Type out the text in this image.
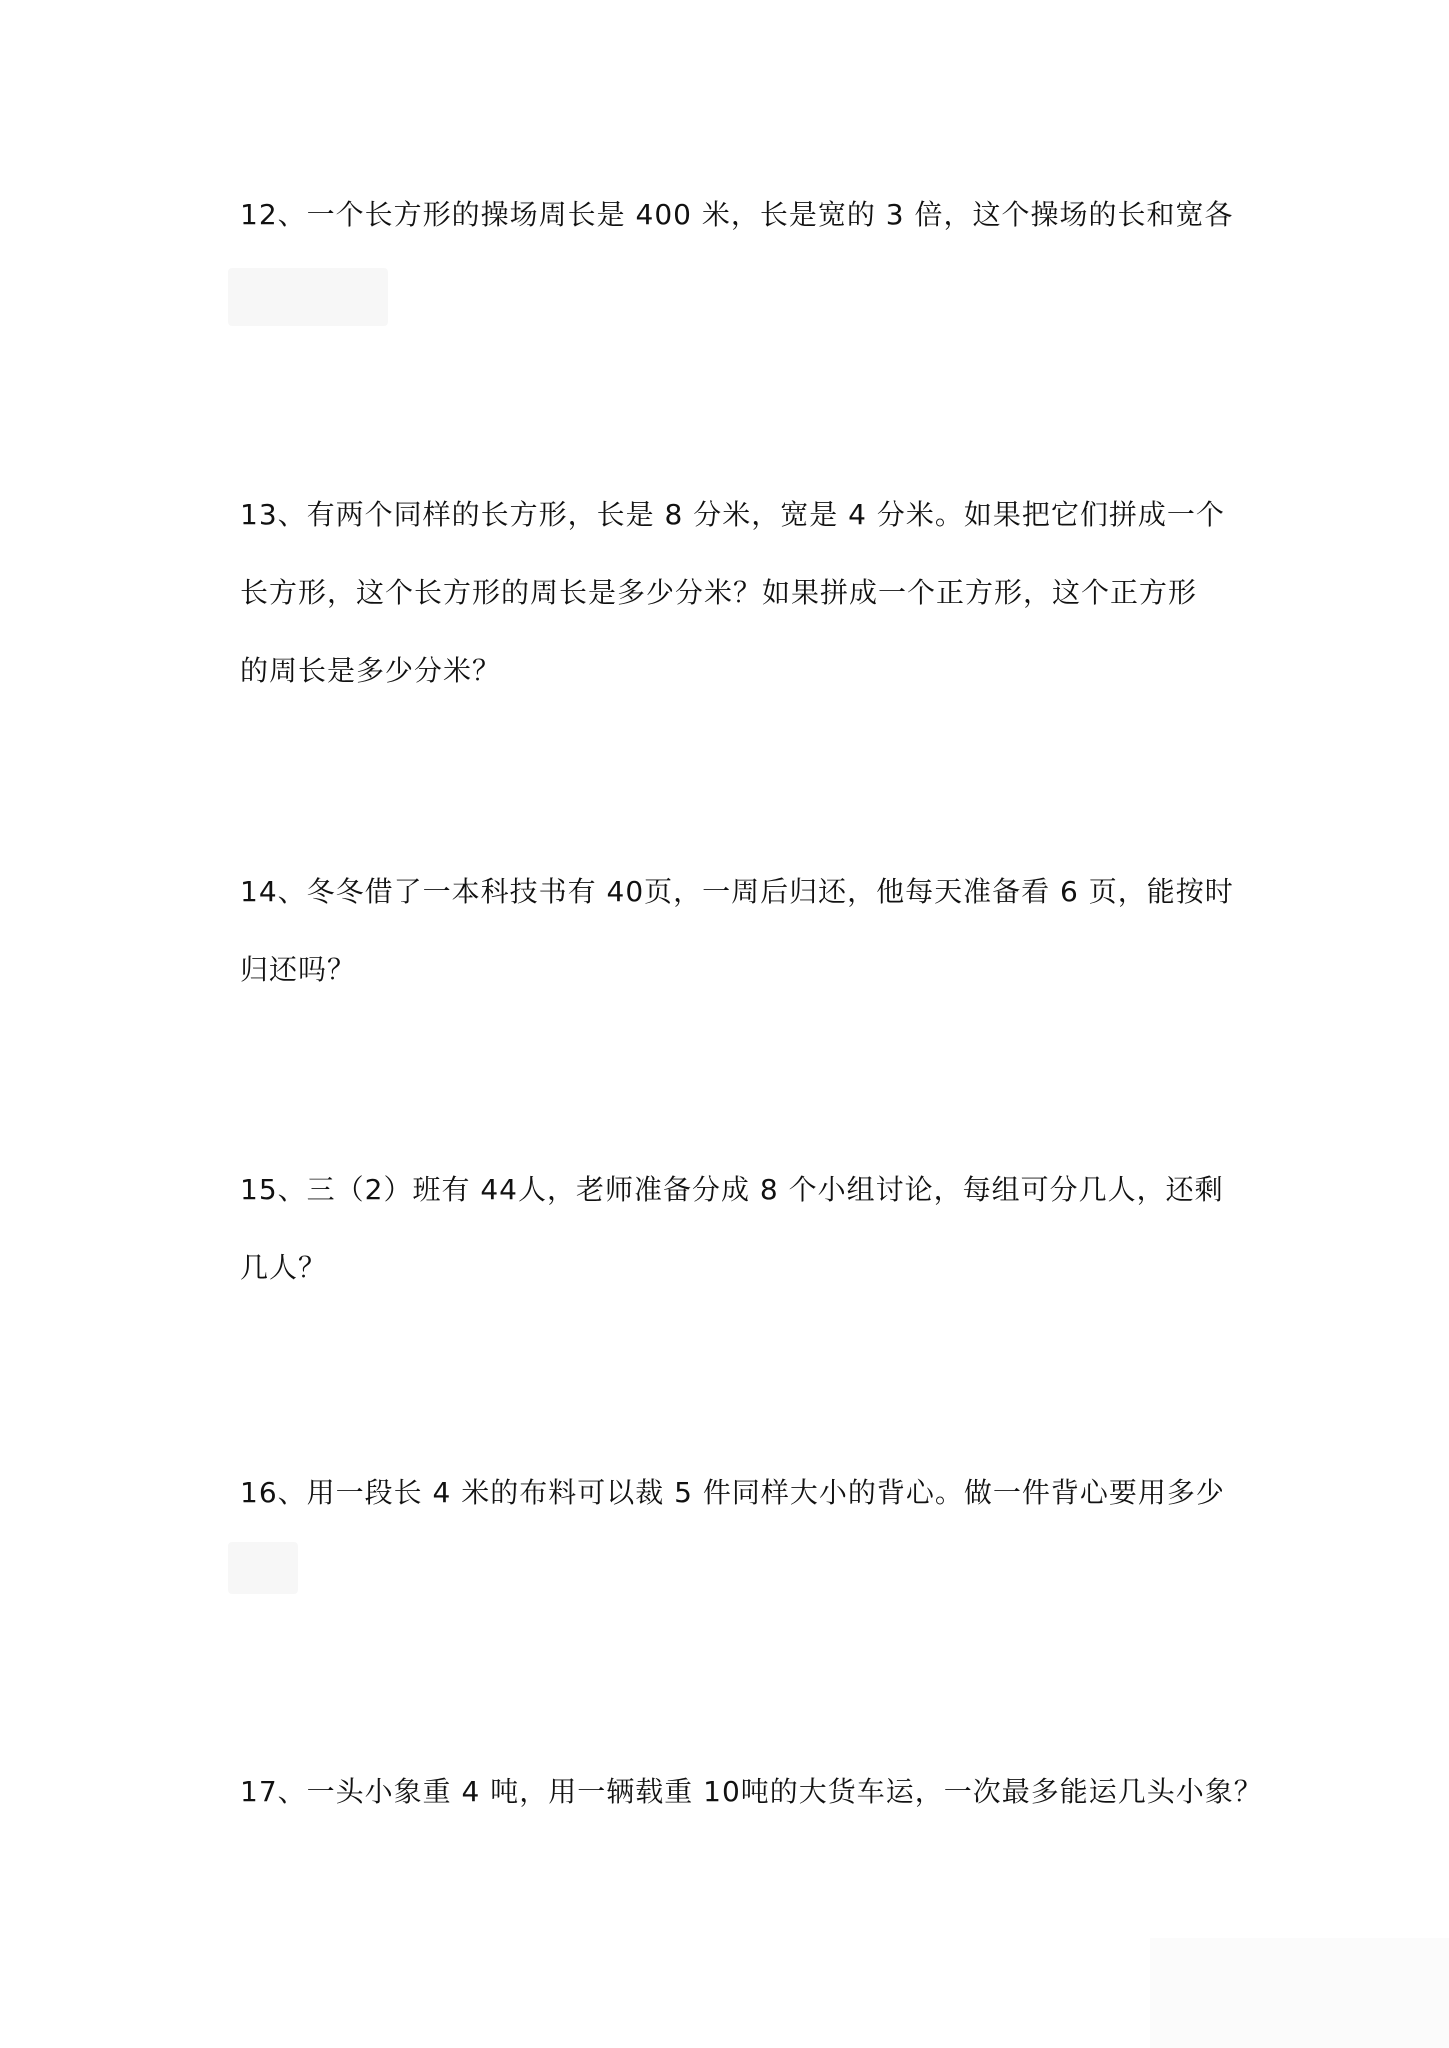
12、一个长方形的操场周长是 400 米，长是宽的 3 倍，这个操场的长和宽各
13、有两个同样的长方形，长是 8 分米，宽是 4 分米。如果把它们拼成一个
长方形，这个长方形的周长是多少分米？如果拼成一个正方形，这个正方形
的周长是多少分米？
14、冬冬借了一本科技书有 40页，一周后归还，他每天准备看 6 页，能按时
归还吗？
15、三（2）班有 44人，老师准备分成 8 个小组讨论，每组可分几人，还剩
几人？
16、用一段长 4 米的布料可以裁 5 件同样大小的背心。做一件背心要用多少
17、一头小象重 4 吨，用一辆载重 10吨的大货车运，一次最多能运几头小象？
